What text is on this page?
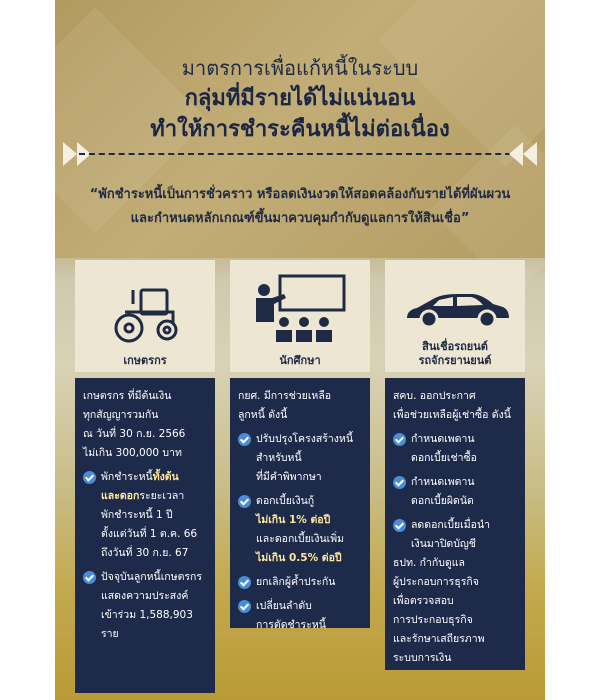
มาตรการเพื่อแก้หนี้ในระบบ
กลุ่มที่มีรายได้ไม่แน่นอน
ทำให้การชำระคืนหนี้ไม่ต่อเนื่อง
“พักชำระหนี้เป็นการชั่วคราว หรือลดเงินงวดให้สอดคล้องกับรายได้ที่ผันผวน
และกำหนดหลักเกณฑ์ขึ้นมาควบคุมกำกับดูแลการให้สินเชื่อ”
เกษตรกร
เกษตรกร ที่มีต้นเงิน
ทุกสัญญารวมกัน
ณ วันที่ 30 ก.ย. 2566
ไม่เกิน 300,000 บาท
พักชำระหนี้ทั้งต้น
และดอกระยะเวลา
พักชำระหนี้ 1 ปี
ตั้งแต่วันที่ 1 ต.ค. 66
ถึงวันที่ 30 ก.ย. 67
ปัจจุบันลูกหนี้เกษตรกร
แสดงความประสงค์
เข้าร่วม 1,588,903 ราย
นักศึกษา
กยศ. มีการช่วยเหลือ
ลูกหนี้ ดังนี้
ปรับปรุงโครงสร้างหนี้
สำหรับหนี้
ที่มีคำพิพากษา
ดอกเบี้ยเงินกู้
ไม่เกิน 1% ต่อปี
และดอกเบี้ยเงินเพิ่ม
ไม่เกิน 0.5% ต่อปี
ยกเลิกผู้ค้ำประกัน
เปลี่ยนลำดับ
การตัดชำระหนี้
สินเชื่อรถยนต์
รถจักรยานยนต์
สคบ. ออกประกาศ
เพื่อช่วยเหลือผู้เช่าซื้อ ดังนี้
กำหนดเพดาน
ดอกเบี้ยเช่าซื้อ
กำหนดเพดาน
ดอกเบี้ยผิดนัด
ลดดอกเบี้ยเมื่อนำ
เงินมาปิดบัญชี
ธปท. กำกับดูแล
ผู้ประกอบการธุรกิจ
เพื่อตรวจสอบ
การประกอบธุรกิจ
และรักษาเสถียรภาพ
ระบบการเงิน
